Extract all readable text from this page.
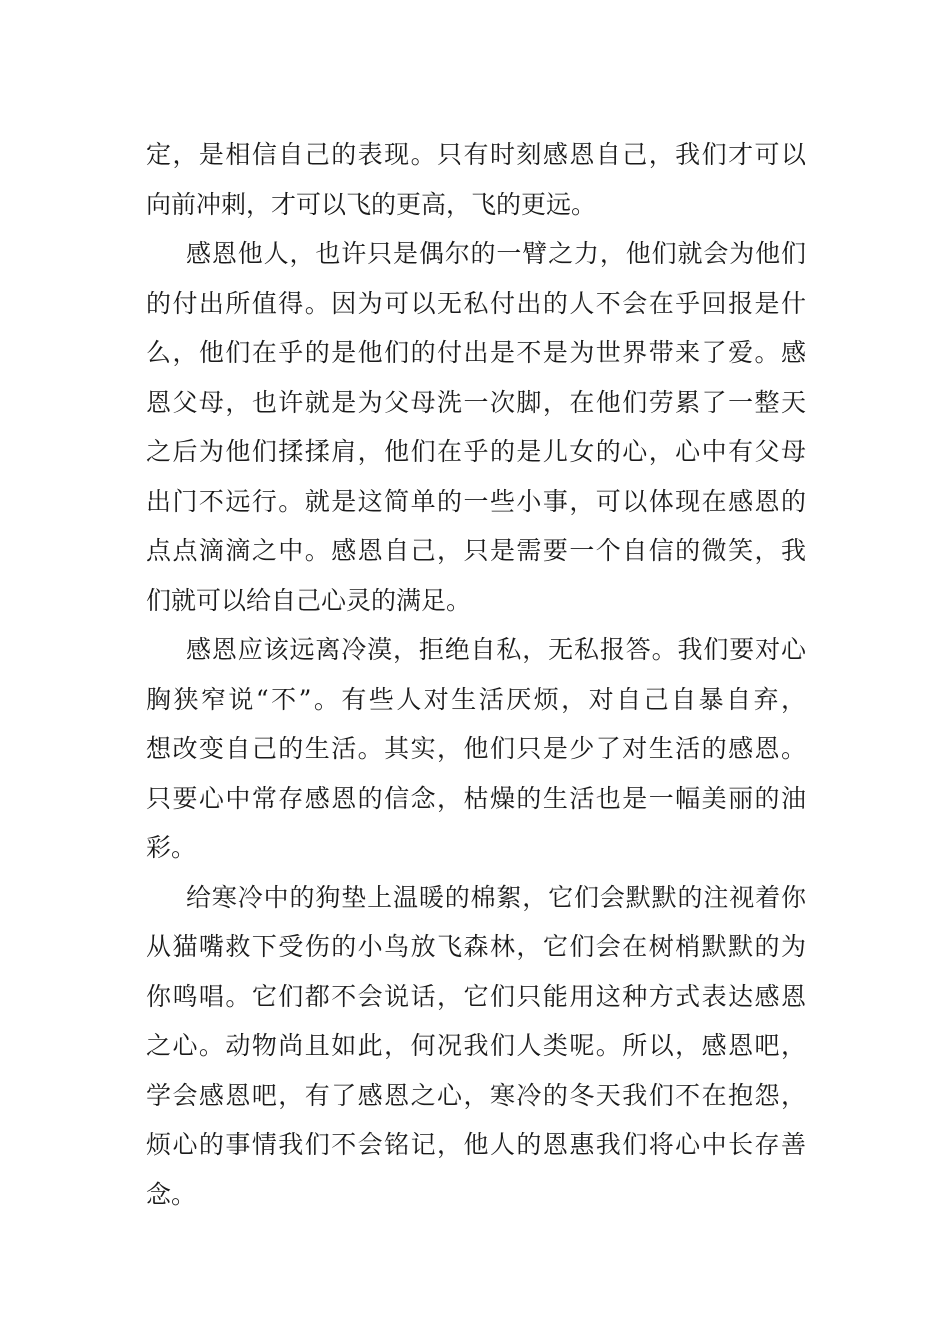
定，是相信自己的表现。只有时刻感恩自己，我们才可以
向前冲刺，才可以飞的更高，飞的更远。
感恩他人，也许只是偶尔的一臂之力，他们就会为他们
的付出所值得。因为可以无私付出的人不会在乎回报是什
么，他们在乎的是他们的付出是不是为世界带来了爱。感
恩父母，也许就是为父母洗一次脚，在他们劳累了一整天
之后为他们揉揉肩，他们在乎的是儿女的心，心中有父母
出门不远行。就是这简单的一些小事，可以体现在感恩的
点点滴滴之中。感恩自己，只是需要一个自信的微笑，我
们就可以给自己心灵的满足。
感恩应该远离冷漠，拒绝自私，无私报答。我们要对心
胸狭窄说“不”。有些人对生活厌烦，对自己自暴自弃，
想改变自己的生活。其实，他们只是少了对生活的感恩。
只要心中常存感恩的信念，枯燥的生活也是一幅美丽的油
彩。
给寒冷中的狗垫上温暖的棉絮，它们会默默的注视着你
从猫嘴救下受伤的小鸟放飞森林，它们会在树梢默默的为
你鸣唱。它们都不会说话，它们只能用这种方式表达感恩
之心。动物尚且如此，何况我们人类呢。所以，感恩吧，
学会感恩吧，有了感恩之心，寒冷的冬天我们不在抱怨，
烦心的事情我们不会铭记，他人的恩惠我们将心中长存善
念。
